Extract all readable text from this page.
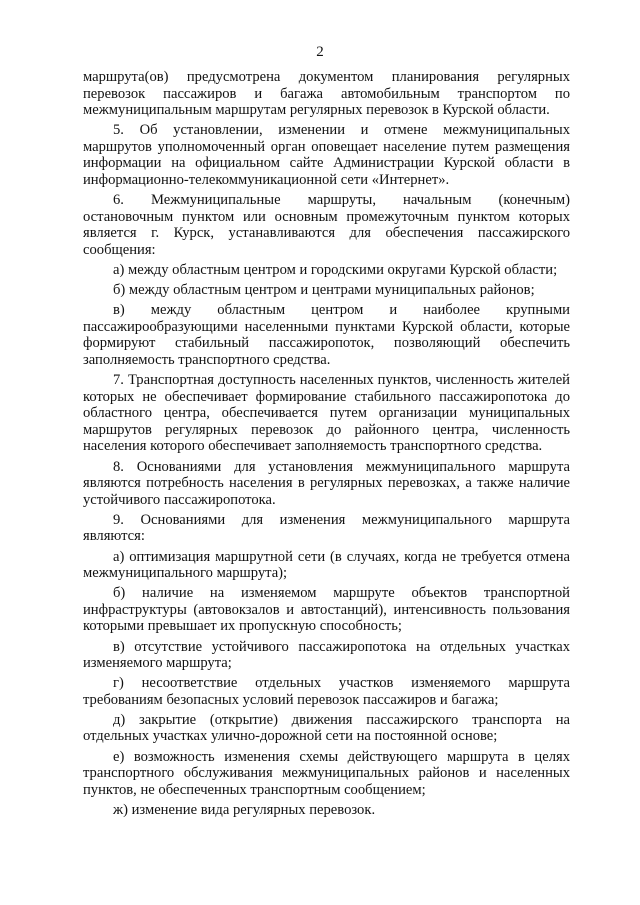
2

маршрута(ов) предусмотрена документом планирования регулярных перевозок пассажиров и багажа автомобильным транспортом по межмуниципальным маршрутам регулярных перевозок в Курской области.

5. Об установлении, изменении и отмене межмуниципальных маршрутов уполномоченный орган оповещает население путем размещения информации на официальном сайте Администрации Курской области в информационно-телекоммуникационной сети «Интернет».

6. Межмуниципальные маршруты, начальным (конечным) остановочным пунктом или основным промежуточным пунктом которых является г. Курск, устанавливаются для обеспечения пассажирского сообщения:

а) между областным центром и городскими округами Курской области;

б) между областным центром и центрами муниципальных районов;

в) между областным центром и наиболее крупными пассажирообразующими населенными пунктами Курской области, которые формируют стабильный пассажиропоток, позволяющий обеспечить заполняемость транспортного средства.

7. Транспортная доступность населенных пунктов, численность жителей которых не обеспечивает формирование стабильного пассажиропотока до областного центра, обеспечивается путем организации муниципальных маршрутов регулярных перевозок до районного центра, численность населения которого обеспечивает заполняемость транспортного средства.

8. Основаниями для установления межмуниципального маршрута являются потребность населения в регулярных перевозках, а также наличие устойчивого пассажиропотока.

9. Основаниями для изменения межмуниципального маршрута являются:

а) оптимизация маршрутной сети (в случаях, когда не требуется отмена межмуниципального маршрута);

б) наличие на изменяемом маршруте объектов транспортной инфраструктуры (автовокзалов и автостанций), интенсивность пользования которыми превышает их пропускную способность;

в) отсутствие устойчивого пассажиропотока на отдельных участках изменяемого маршрута;

г) несоответствие отдельных участков изменяемого маршрута требованиям безопасных условий перевозок пассажиров и багажа;

д) закрытие (открытие) движения пассажирского транспорта на отдельных участках улично-дорожной сети на постоянной основе;

е) возможность изменения схемы действующего маршрута в целях транспортного обслуживания межмуниципальных районов и населенных пунктов, не обеспеченных транспортным сообщением;

ж) изменение вида регулярных перевозок.
